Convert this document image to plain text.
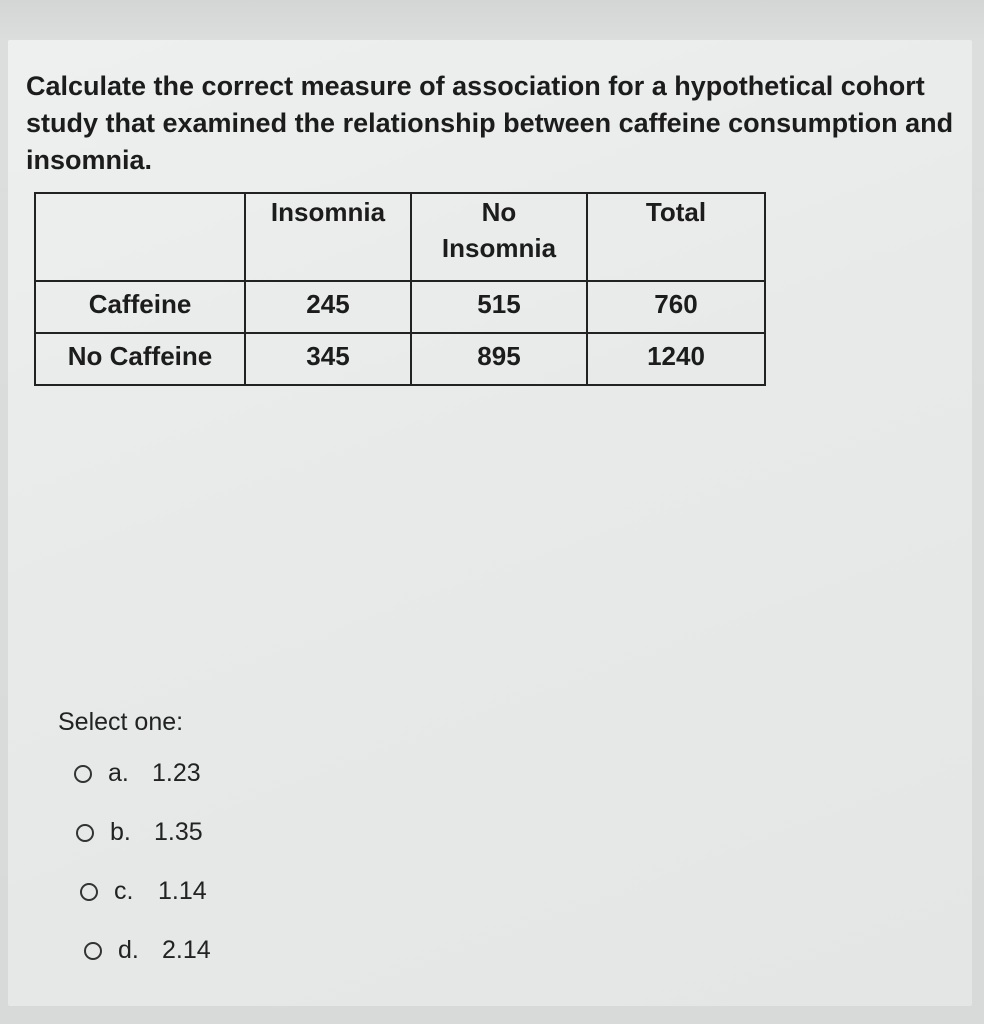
Calculate the correct measure of association for a hypothetical cohort study that examined the relationship between caffeine consumption and insomnia.

	Insomnia	No Insomnia	Total
Caffeine	245	515	760
No Caffeine	345	895	1240
Select one:
a. 1.23
b. 1.35
c. 1.14
d. 2.14
